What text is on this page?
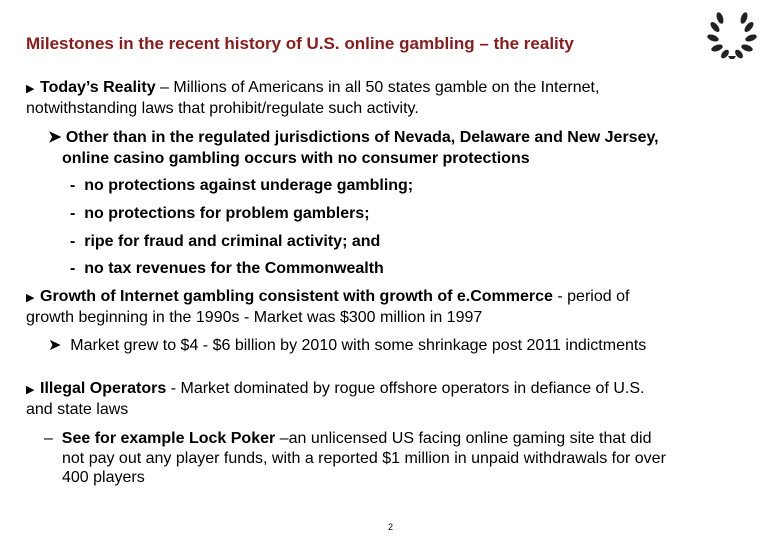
Milestones in the recent history of U.S. online gambling – the reality
▶ Today’s Reality – Millions of Americans in all 50 states gamble on the Internet,
notwithstanding laws that prohibit/regulate such activity.
➤ Other than in the regulated jurisdictions of Nevada, Delaware and New Jersey,
online casino gambling occurs with no consumer protections
-  no protections against underage gambling;
-  no protections for problem gamblers;
-  ripe for fraud and criminal activity; and
-  no tax revenues for the Commonwealth
▶ Growth of Internet gambling consistent with growth of e.Commerce - period of
growth beginning in the 1990s - Market was $300 million in 1997
➤ Market grew to $4 - $6 billion by 2010 with some shrinkage post 2011 indictments
▶ Illegal Operators - Market dominated by rogue offshore operators in defiance of U.S.
and state laws
–  See for example Lock Poker –an unlicensed US facing online gaming site that did
not pay out any player funds, with a reported $1 million in unpaid withdrawals for over
400 players
2
